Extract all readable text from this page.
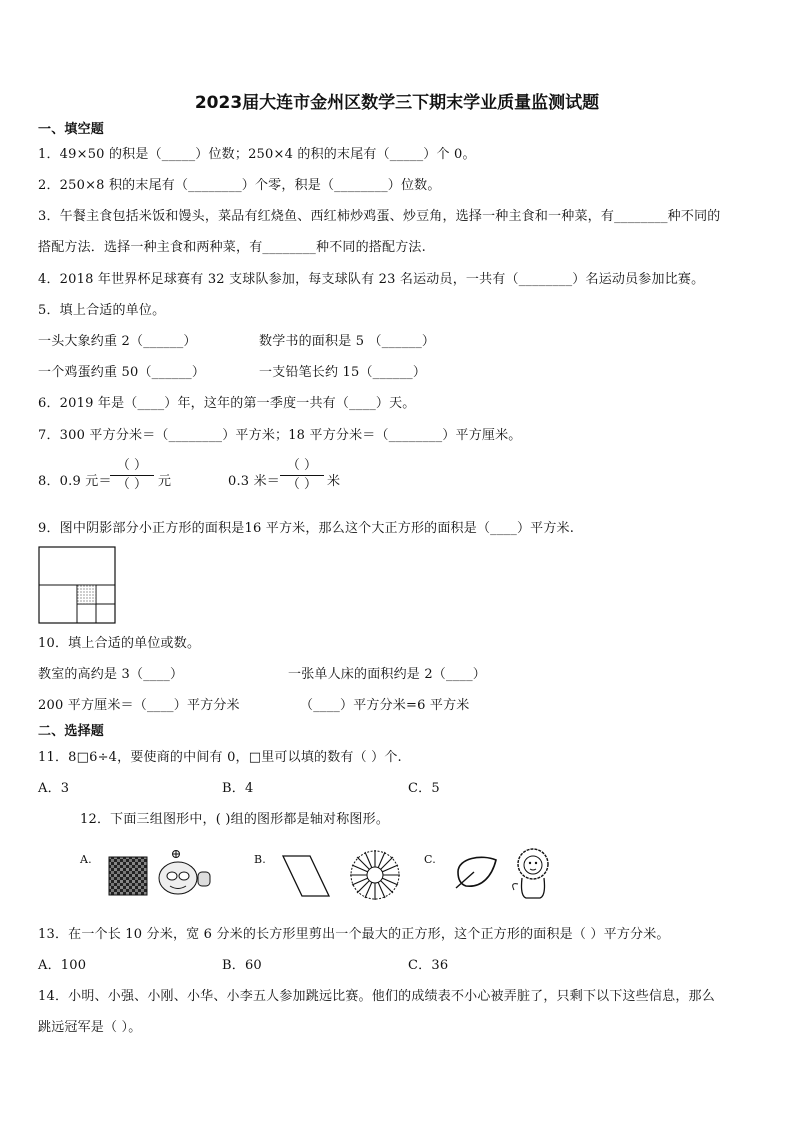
2023届大连市金州区数学三下期末学业质量监测试题
一、填空题
1．49×50 的积是（_____）位数；250×4 的积的末尾有（_____）个 0。
2．250×8 积的末尾有（________）个零，积是（________）位数。
3．午餐主食包括米饭和馒头，菜品有红烧鱼、西红柿炒鸡蛋、炒豆角，选择一种主食和一种菜，有________种不同的
搭配方法．选择一种主食和两种菜，有________种不同的搭配方法.
4．2018 年世界杯足球赛有 32 支球队参加，每支球队有 23 名运动员，一共有（________）名运动员参加比赛。
5．填上合适的单位。
一头大象约重 2（______）	数学书的面积是 5 （______）
一个鸡蛋约重 50（______）	一支铅笔长约 15（______）
6．2019 年是（____）年，这年的第一季度一共有（____）天。
7．300 平方分米＝（________）平方米；18 平方分米＝（________）平方厘米。
8．0.9 元＝
（ ）
（ ） 元	0.3 米＝
（ ）
（ ） 米
9．图中阴影部分小正方形的面积是16 平方米，那么这个大正方形的面积是（____）平方米.
10．填上合适的单位或数。
教室的高约是 3（____）	一张单人床的面积约是 2（____）
200 平方厘米＝（____）平方分米	（____）平方分米=6 平方米
二、选择题
11．8□6÷4，要使商的中间有 0，□里可以填的数有（ ）个.
A．3	B．4	C．5
12．下面三组图形中，( )组的图形都是轴对称图形。
A.	B.	C.
13．在一个长 10 分米，宽 6 分米的长方形里剪出一个最大的正方形，这个正方形的面积是（ ）平方分米。
A．100	B．60	C．36
14．小明、小强、小刚、小华、小李五人参加跳远比赛。他们的成绩表不小心被弄脏了，只剩下以下这些信息，那么
跳远冠军是（ ）。
